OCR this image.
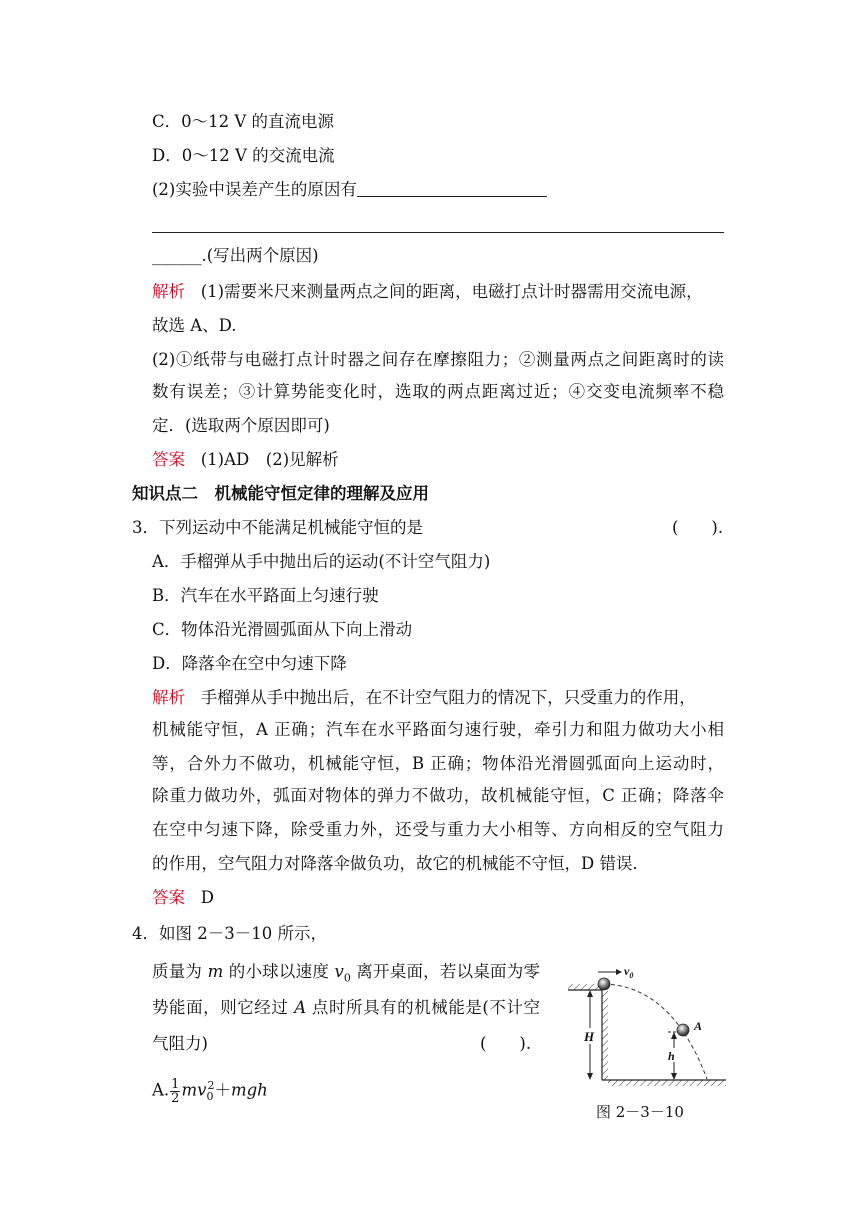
C．0～12 V 的直流电源
D．0～12 V 的交流电流
(2)实验中误差产生的原因有
______.(写出两个原因)
解析 (1)需要米尺来测量两点之间的距离，电磁打点计时器需用交流电源，
故选 A、D.
(2)①纸带与电磁打点计时器之间存在摩擦阻力；②测量两点之间距离时的读
数有误差；③计算势能变化时，选取的两点距离过近；④交变电流频率不稳
定．(选取两个原因即可)
答案 (1)AD　(2)见解析
知识点二　机械能守恒定律的理解及应用
3．下列运动中不能满足机械能守恒的是	(　　).
A．手榴弹从手中抛出后的运动(不计空气阻力)
B．汽车在水平路面上匀速行驶
C．物体沿光滑圆弧面从下向上滑动
D．降落伞在空中匀速下降
解析 手榴弹从手中抛出后，在不计空气阻力的情况下，只受重力的作用，
机械能守恒，A 正确；汽车在水平路面匀速行驶，牵引力和阻力做功大小相
等，合外力不做功，机械能守恒，B 正确；物体沿光滑圆弧面向上运动时，
除重力做功外，弧面对物体的弹力不做功，故机械能守恒，C 正确；降落伞
在空中匀速下降，除受重力外，还受与重力大小相等、方向相反的空气阻力
的作用，空气阻力对降落伞做负功，故它的机械能不守恒，D 错误．
答案 D
4．如图 2－3－10 所示，
质量为 m 的小球以速度 $v_0$ 离开桌面，若以桌面为零
势能面，则它经过 A 点时所具有的机械能是(不计空
气阻力)	(　　).
A. $\frac{1}{2} mv_0^2+mgh$
$v_0$
H
h
A
图 2－3－10
